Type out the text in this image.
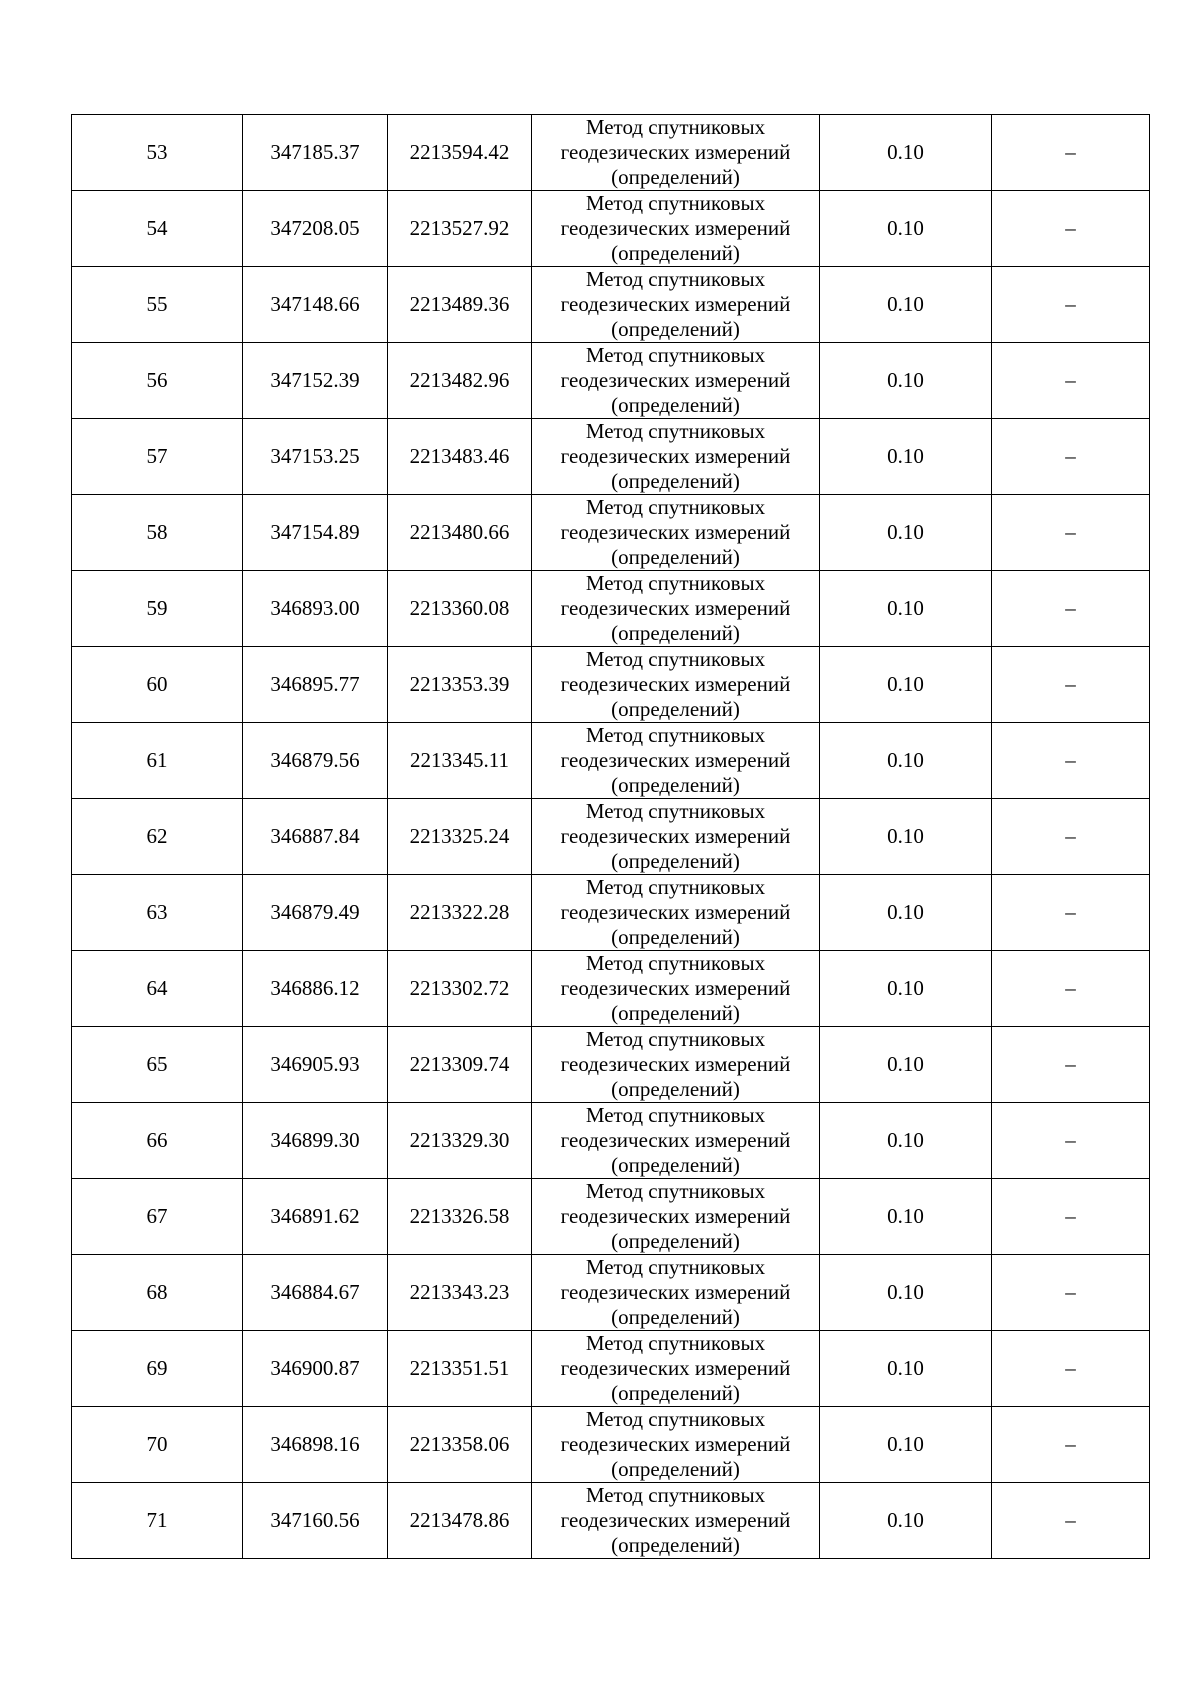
53	347185.37	2213594.42	Метод спутниковых
геодезических измерений
(определений)	0.10	–
54	347208.05	2213527.92	Метод спутниковых
геодезических измерений
(определений)	0.10	–
55	347148.66	2213489.36	Метод спутниковых
геодезических измерений
(определений)	0.10	–
56	347152.39	2213482.96	Метод спутниковых
геодезических измерений
(определений)	0.10	–
57	347153.25	2213483.46	Метод спутниковых
геодезических измерений
(определений)	0.10	–
58	347154.89	2213480.66	Метод спутниковых
геодезических измерений
(определений)	0.10	–
59	346893.00	2213360.08	Метод спутниковых
геодезических измерений
(определений)	0.10	–
60	346895.77	2213353.39	Метод спутниковых
геодезических измерений
(определений)	0.10	–
61	346879.56	2213345.11	Метод спутниковых
геодезических измерений
(определений)	0.10	–
62	346887.84	2213325.24	Метод спутниковых
геодезических измерений
(определений)	0.10	–
63	346879.49	2213322.28	Метод спутниковых
геодезических измерений
(определений)	0.10	–
64	346886.12	2213302.72	Метод спутниковых
геодезических измерений
(определений)	0.10	–
65	346905.93	2213309.74	Метод спутниковых
геодезических измерений
(определений)	0.10	–
66	346899.30	2213329.30	Метод спутниковых
геодезических измерений
(определений)	0.10	–
67	346891.62	2213326.58	Метод спутниковых
геодезических измерений
(определений)	0.10	–
68	346884.67	2213343.23	Метод спутниковых
геодезических измерений
(определений)	0.10	–
69	346900.87	2213351.51	Метод спутниковых
геодезических измерений
(определений)	0.10	–
70	346898.16	2213358.06	Метод спутниковых
геодезических измерений
(определений)	0.10	–
71	347160.56	2213478.86	Метод спутниковых
геодезических измерений
(определений)	0.10	–
